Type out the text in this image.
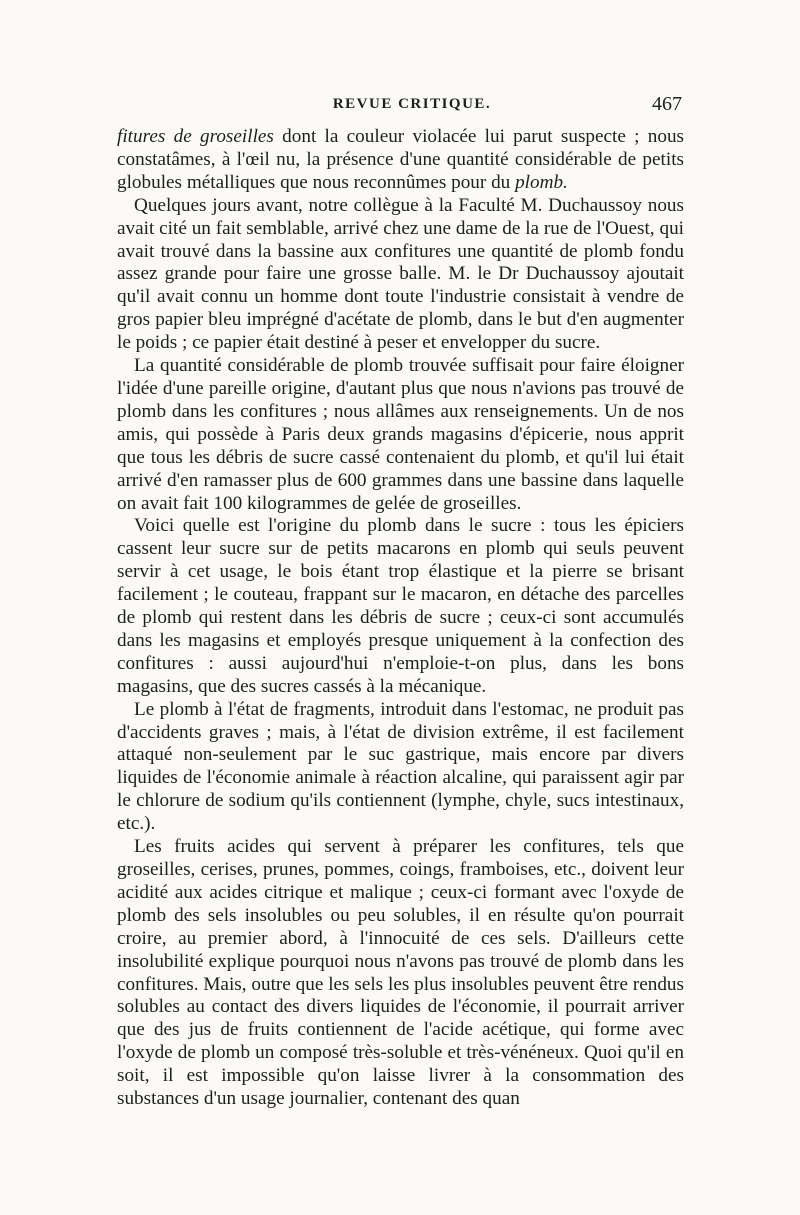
REVUE CRITIQUE.	467

fitures de groseilles dont la couleur violacée lui parut suspecte ; nous constatâmes, à l'œil nu, la présence d'une quantité considérable de petits globules métalliques que nous reconnûmes pour du plomb.

Quelques jours avant, notre collègue à la Faculté M. Duchaussoy nous avait cité un fait semblable, arrivé chez une dame de la rue de l'Ouest, qui avait trouvé dans la bassine aux confitures une quantité de plomb fondu assez grande pour faire une grosse balle. M. le Dr Duchaussoy ajoutait qu'il avait connu un homme dont toute l'industrie consistait à vendre de gros papier bleu imprégné d'acétate de plomb, dans le but d'en augmenter le poids ; ce papier était destiné à peser et envelopper du sucre.

La quantité considérable de plomb trouvée suffisait pour faire éloigner l'idée d'une pareille origine, d'autant plus que nous n'avions pas trouvé de plomb dans les confitures ; nous allâmes aux renseignements. Un de nos amis, qui possède à Paris deux grands magasins d'épicerie, nous apprit que tous les débris de sucre cassé contenaient du plomb, et qu'il lui était arrivé d'en ramasser plus de 600 grammes dans une bassine dans laquelle on avait fait 100 kilogrammes de gelée de groseilles.

Voici quelle est l'origine du plomb dans le sucre : tous les épiciers cassent leur sucre sur de petits macarons en plomb qui seuls peuvent servir à cet usage, le bois étant trop élastique et la pierre se brisant facilement ; le couteau, frappant sur le macaron, en détache des parcelles de plomb qui restent dans les débris de sucre ; ceux-ci sont accumulés dans les magasins et employés presque uniquement à la confection des confitures : aussi aujourd'hui n'emploie-t-on plus, dans les bons magasins, que des sucres cassés à la mécanique.

Le plomb à l'état de fragments, introduit dans l'estomac, ne produit pas d'accidents graves ; mais, à l'état de division extrême, il est facilement attaqué non-seulement par le suc gastrique, mais encore par divers liquides de l'économie animale à réaction alcaline, qui paraissent agir par le chlorure de sodium qu'ils contiennent (lymphe, chyle, sucs intestinaux, etc.).

Les fruits acides qui servent à préparer les confitures, tels que groseilles, cerises, prunes, pommes, coings, framboises, etc., doivent leur acidité aux acides citrique et malique ; ceux-ci formant avec l'oxyde de plomb des sels insolubles ou peu solubles, il en résulte qu'on pourrait croire, au premier abord, à l'innocuité de ces sels. D'ailleurs cette insolubilité explique pourquoi nous n'avons pas trouvé de plomb dans les confitures. Mais, outre que les sels les plus insolubles peuvent être rendus solubles au contact des divers liquides de l'économie, il pourrait arriver que des jus de fruits contiennent de l'acide acétique, qui forme avec l'oxyde de plomb un composé très-soluble et très-vénéneux. Quoi qu'il en soit, il est impossible qu'on laisse livrer à la consommation des substances d'un usage journalier, contenant des quan
